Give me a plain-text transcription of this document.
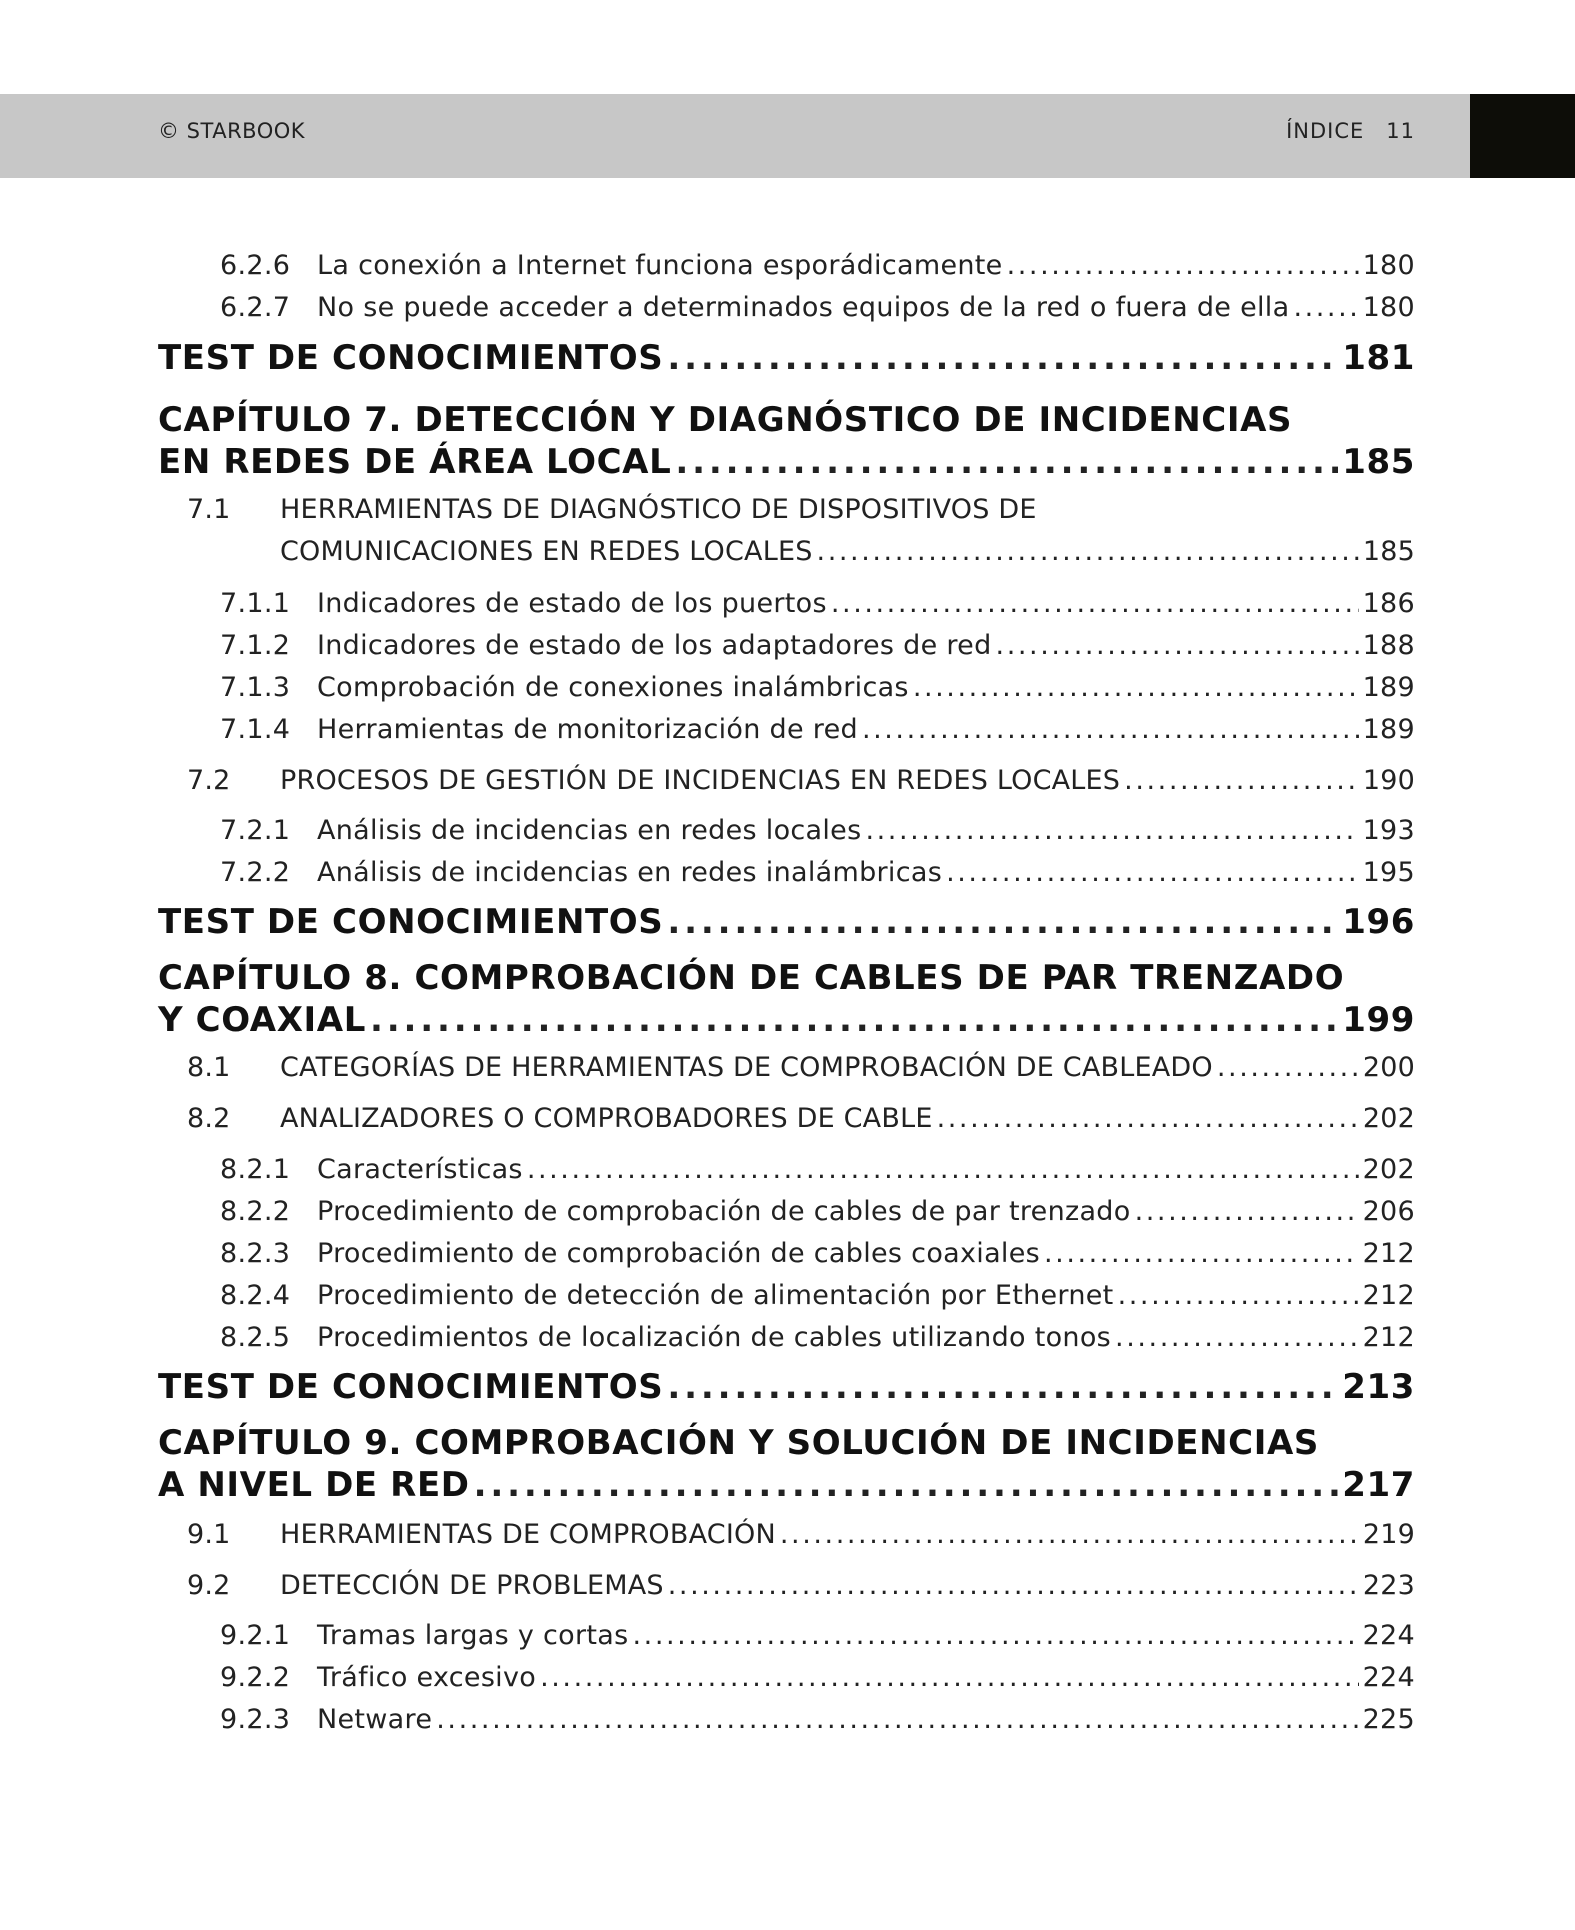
© STARBOOK	ÍNDICE 11
6.2.6 La conexión a Internet funciona esporádicamente . . .	180
6.2.7 No se puede acceder a determinados equipos de la red o fuera de ella . . .	180
TEST DE CONOCIMIENTOS . . .	181
CAPÍTULO 7. DETECCIÓN Y DIAGNÓSTICO DE INCIDENCIAS
EN REDES DE ÁREA LOCAL . . .	185
7.1 HERRAMIENTAS DE DIAGNÓSTICO DE DISPOSITIVOS DE
COMUNICACIONES EN REDES LOCALES . . .	185
7.1.1 Indicadores de estado de los puertos . . .	186
7.1.2 Indicadores de estado de los adaptadores de red . . .	188
7.1.3 Comprobación de conexiones inalámbricas . . .	189
7.1.4 Herramientas de monitorización de red . . .	189
7.2 PROCESOS DE GESTIÓN DE INCIDENCIAS EN REDES LOCALES . . .	190
7.2.1 Análisis de incidencias en redes locales . . .	193
7.2.2 Análisis de incidencias en redes inalámbricas . . .	195
TEST DE CONOCIMIENTOS . . .	196
CAPÍTULO 8. COMPROBACIÓN DE CABLES DE PAR TRENZADO
Y COAXIAL . . .	199
8.1 CATEGORÍAS DE HERRAMIENTAS DE COMPROBACIÓN DE CABLEADO . . .	200
8.2 ANALIZADORES O COMPROBADORES DE CABLE . . .	202
8.2.1 Características . . .	202
8.2.2 Procedimiento de comprobación de cables de par trenzado . . .	206
8.2.3 Procedimiento de comprobación de cables coaxiales . . .	212
8.2.4 Procedimiento de detección de alimentación por Ethernet . . .	212
8.2.5 Procedimientos de localización de cables utilizando tonos . . .	212
TEST DE CONOCIMIENTOS . . .	213
CAPÍTULO 9. COMPROBACIÓN Y SOLUCIÓN DE INCIDENCIAS
A NIVEL DE RED . . .	217
9.1 HERRAMIENTAS DE COMPROBACIÓN . . .	219
9.2 DETECCIÓN DE PROBLEMAS . . .	223
9.2.1 Tramas largas y cortas . . .	224
9.2.2 Tráfico excesivo . . .	224
9.2.3 Netware . . .	225
